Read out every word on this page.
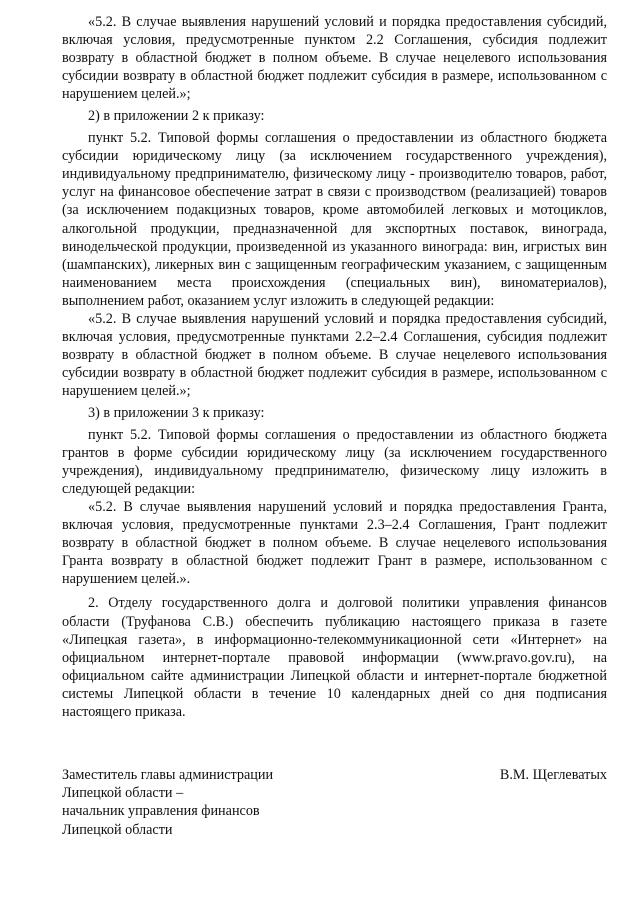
«5.2. В случае выявления нарушений условий и порядка предоставления субсидий, включая условия, предусмотренные пунктом 2.2 Соглашения, субсидия подлежит возврату в областной бюджет в полном объеме. В случае нецелевого использования субсидии возврату в областной бюджет подлежит субсидия в размере, использованном с нарушением целей.»;

2) в приложении 2 к приказу:

пункт 5.2. Типовой формы соглашения о предоставлении из областного бюджета субсидии юридическому лицу (за исключением государственного учреждения), индивидуальному предпринимателю, физическому лицу - производителю товаров, работ, услуг на финансовое обеспечение затрат в связи с производством (реализацией) товаров (за исключением подакцизных товаров, кроме автомобилей легковых и мотоциклов, алкогольной продукции, предназначенной для экспортных поставок, винограда, винодельческой продукции, произведенной из указанного винограда: вин, игристых вин (шампанских), ликерных вин с защищенным географическим указанием, с защищенным наименованием места происхождения (специальных вин), виноматериалов), выполнением работ, оказанием услуг изложить в следующей редакции:

«5.2. В случае выявления нарушений условий и порядка предоставления субсидий, включая условия, предусмотренные пунктами 2.2–2.4 Соглашения, субсидия подлежит возврату в областной бюджет в полном объеме. В случае нецелевого использования субсидии возврату в областной бюджет подлежит субсидия в размере, использованном с нарушением целей.»;

3) в приложении 3 к приказу:

пункт 5.2. Типовой формы соглашения о предоставлении из областного бюджета грантов в форме субсидии юридическому лицу (за исключением государственного учреждения), индивидуальному предпринимателю, физическому лицу изложить в следующей редакции:

«5.2. В случае выявления нарушений условий и порядка предоставления Гранта, включая условия, предусмотренные пунктами 2.3–2.4 Соглашения, Грант подлежит возврату в областной бюджет в полном объеме. В случае нецелевого использования Гранта возврату в областной бюджет подлежит Грант в размере, использованном с нарушением целей.».

2. Отделу государственного долга и долговой политики управления финансов области (Труфанова С.В.) обеспечить публикацию настоящего приказа в газете «Липецкая газета», в информационно-телекоммуникационной сети «Интернет» на официальном интернет-портале правовой информации (www.pravo.gov.ru), на официальном сайте администрации Липецкой области и интернет-портале бюджетной системы Липецкой области в течение 10 календарных дней со дня подписания настоящего приказа.

Заместитель главы администрации
Липецкой области –
начальник управления финансов
Липецкой области
В.М. Щеглеватых
